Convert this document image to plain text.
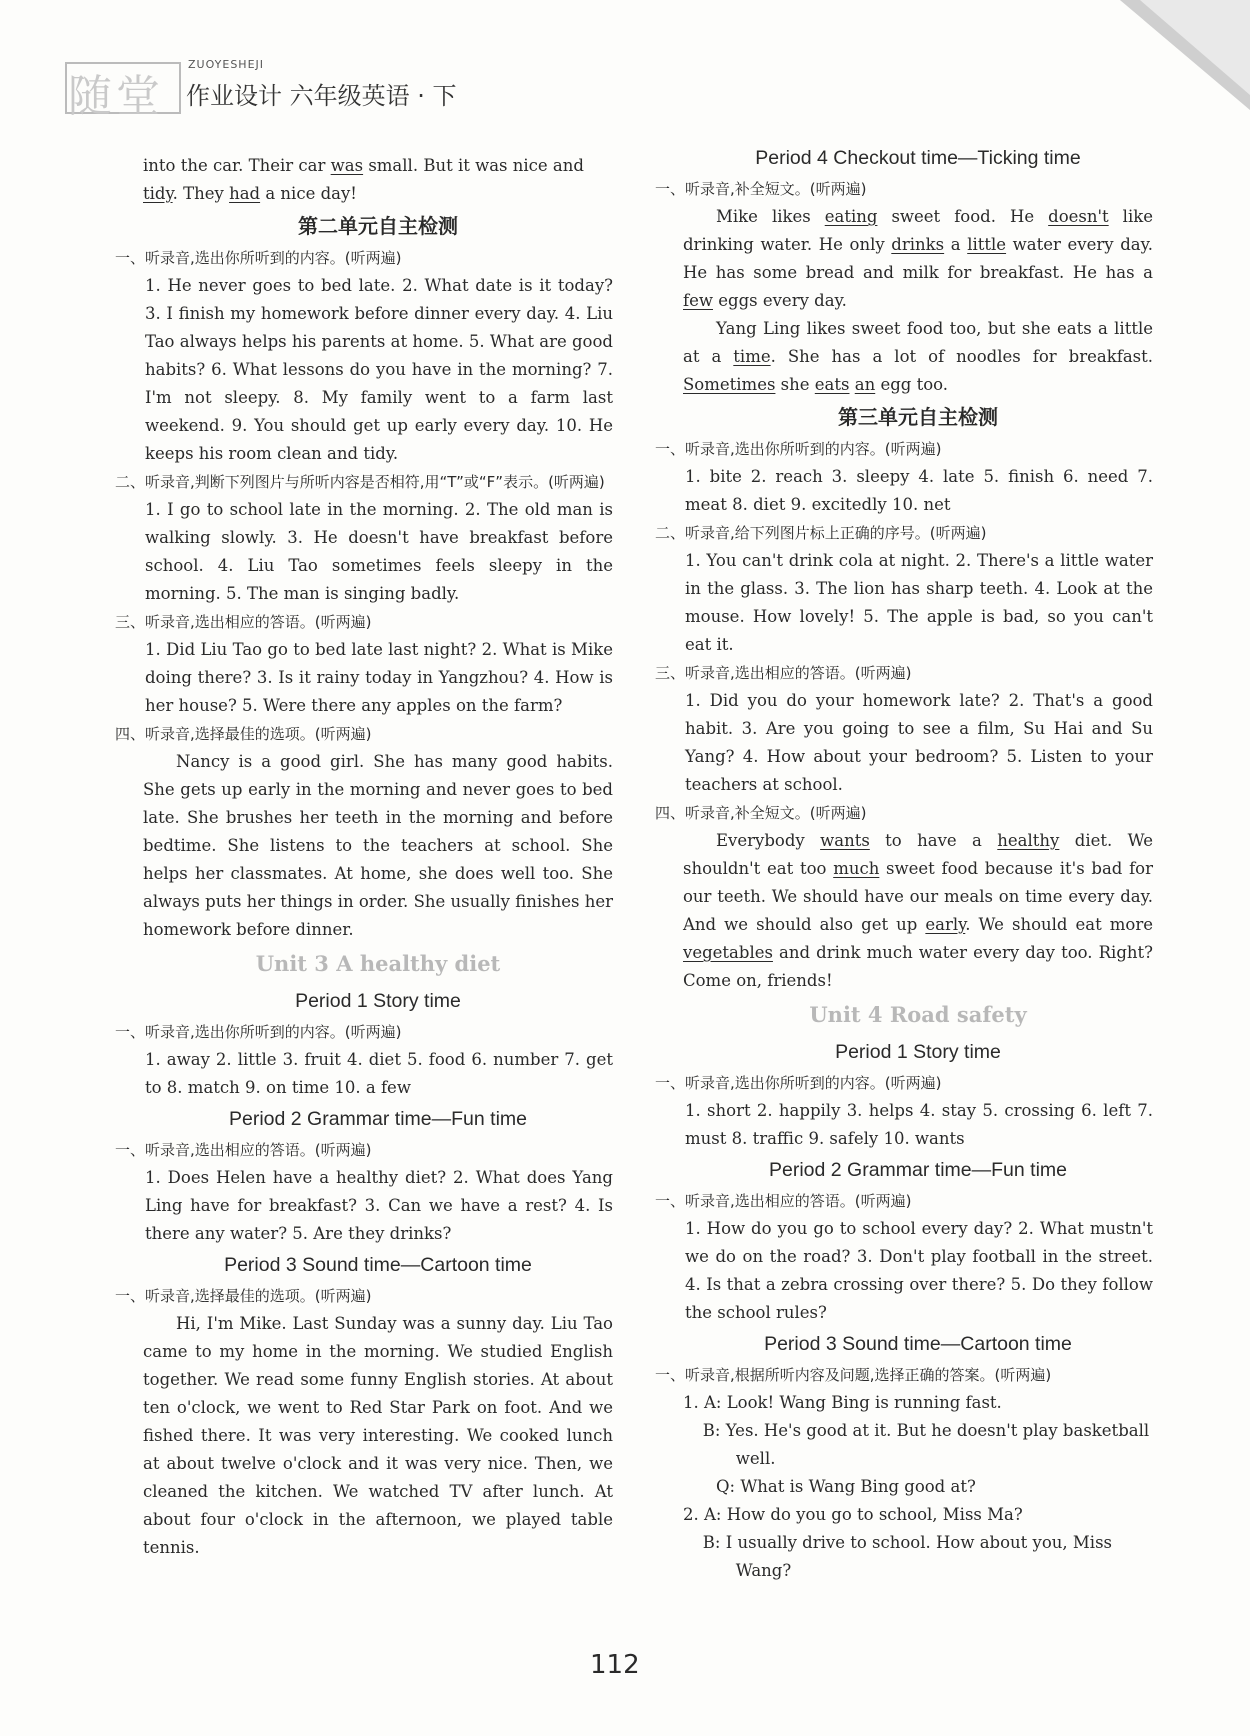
随堂
ZUOYESHEJI
作业设计 六年级英语 · 下

into the car. Their car was small. But it was nice and
tidy. They had a nice day!

第二单元自主检测

一、听录音,选出你所听到的内容。(听两遍)

1. He never goes to bed late. 2. What date is it today? 3. I finish my homework before dinner every day. 4. Liu Tao always helps his parents at home. 5. What are good habits? 6. What lessons do you have in the morning? 7. I'm not sleepy. 8. My family went to a farm last weekend. 9. You should get up early every day. 10. He keeps his room clean and tidy.

二、听录音,判断下列图片与所听内容是否相符,用“T”或“F”表示。(听两遍)

1. I go to school late in the morning. 2. The old man is walking slowly. 3. He doesn't have breakfast before school. 4. Liu Tao sometimes feels sleepy in the morning. 5. The man is singing badly.

三、听录音,选出相应的答语。(听两遍)

1. Did Liu Tao go to bed late last night? 2. What is Mike doing there? 3. Is it rainy today in Yangzhou? 4. How is her house? 5. Were there any apples on the farm?

四、听录音,选择最佳的选项。(听两遍)

Nancy is a good girl. She has many good habits. She gets up early in the morning and never goes to bed late. She brushes her teeth in the morning and before bedtime. She listens to the teachers at school. She helps her classmates. At home, she does well too. She always puts her things in order. She usually finishes her homework before dinner.

Unit 3 A healthy diet
Period 1 Story time

一、听录音,选出你所听到的内容。(听两遍)

1. away 2. little 3. fruit 4. diet 5. food 6. number 7. get to 8. match 9. on time 10. a few

Period 2 Grammar time—Fun time

一、听录音,选出相应的答语。(听两遍)

1. Does Helen have a healthy diet? 2. What does Yang Ling have for breakfast? 3. Can we have a rest? 4. Is there any water? 5. Are they drinks?

Period 3 Sound time—Cartoon time

一、听录音,选择最佳的选项。(听两遍)

Hi, I'm Mike. Last Sunday was a sunny day. Liu Tao came to my home in the morning. We studied English together. We read some funny English stories. At about ten o'clock, we went to Red Star Park on foot. And we fished there. It was very interesting. We cooked lunch at about twelve o'clock and it was very nice. Then, we cleaned the kitchen. We watched TV after lunch. At about four o'clock in the afternoon, we played table tennis.

Period 4 Checkout time—Ticking time

一、听录音,补全短文。(听两遍)

Mike likes eating sweet food. He doesn't like drinking water. He only drinks a little water every day. He has some bread and milk for breakfast. He has a few eggs every day.

Yang Ling likes sweet food too, but she eats a little at a time. She has a lot of noodles for breakfast. Sometimes she eats an egg too.

第三单元自主检测

一、听录音,选出你所听到的内容。(听两遍)

1. bite 2. reach 3. sleepy 4. late 5. finish 6. need 7. meat 8. diet 9. excitedly 10. net

二、听录音,给下列图片标上正确的序号。(听两遍)

1. You can't drink cola at night. 2. There's a little water in the glass. 3. The lion has sharp teeth. 4. Look at the mouse. How lovely! 5. The apple is bad, so you can't eat it.

三、听录音,选出相应的答语。(听两遍)

1. Did you do your homework late? 2. That's a good habit. 3. Are you going to see a film, Su Hai and Su Yang? 4. How about your bedroom? 5. Listen to your teachers at school.

四、听录音,补全短文。(听两遍)

Everybody wants to have a healthy diet. We shouldn't eat too much sweet food because it's bad for our teeth. We should have our meals on time every day. And we should also get up early. We should eat more vegetables and drink much water every day too. Right? Come on, friends!

Unit 4 Road safety
Period 1 Story time

一、听录音,选出你所听到的内容。(听两遍)

1. short 2. happily 3. helps 4. stay 5. crossing 6. left 7. must 8. traffic 9. safely 10. wants

Period 2 Grammar time—Fun time

一、听录音,选出相应的答语。(听两遍)

1. How do you go to school every day? 2. What mustn't we do on the road? 3. Don't play football in the street. 4. Is that a zebra crossing over there? 5. Do they follow the school rules?

Period 3 Sound time—Cartoon time

一、听录音,根据所听内容及问题,选择正确的答案。(听两遍)

1. A: Look! Wang Bing is running fast.

B: Yes. He's good at it. But he doesn't play basketball well.

Q: What is Wang Bing good at?

2. A: How do you go to school, Miss Ma?

B: I usually drive to school. How about you, Miss Wang?

112
